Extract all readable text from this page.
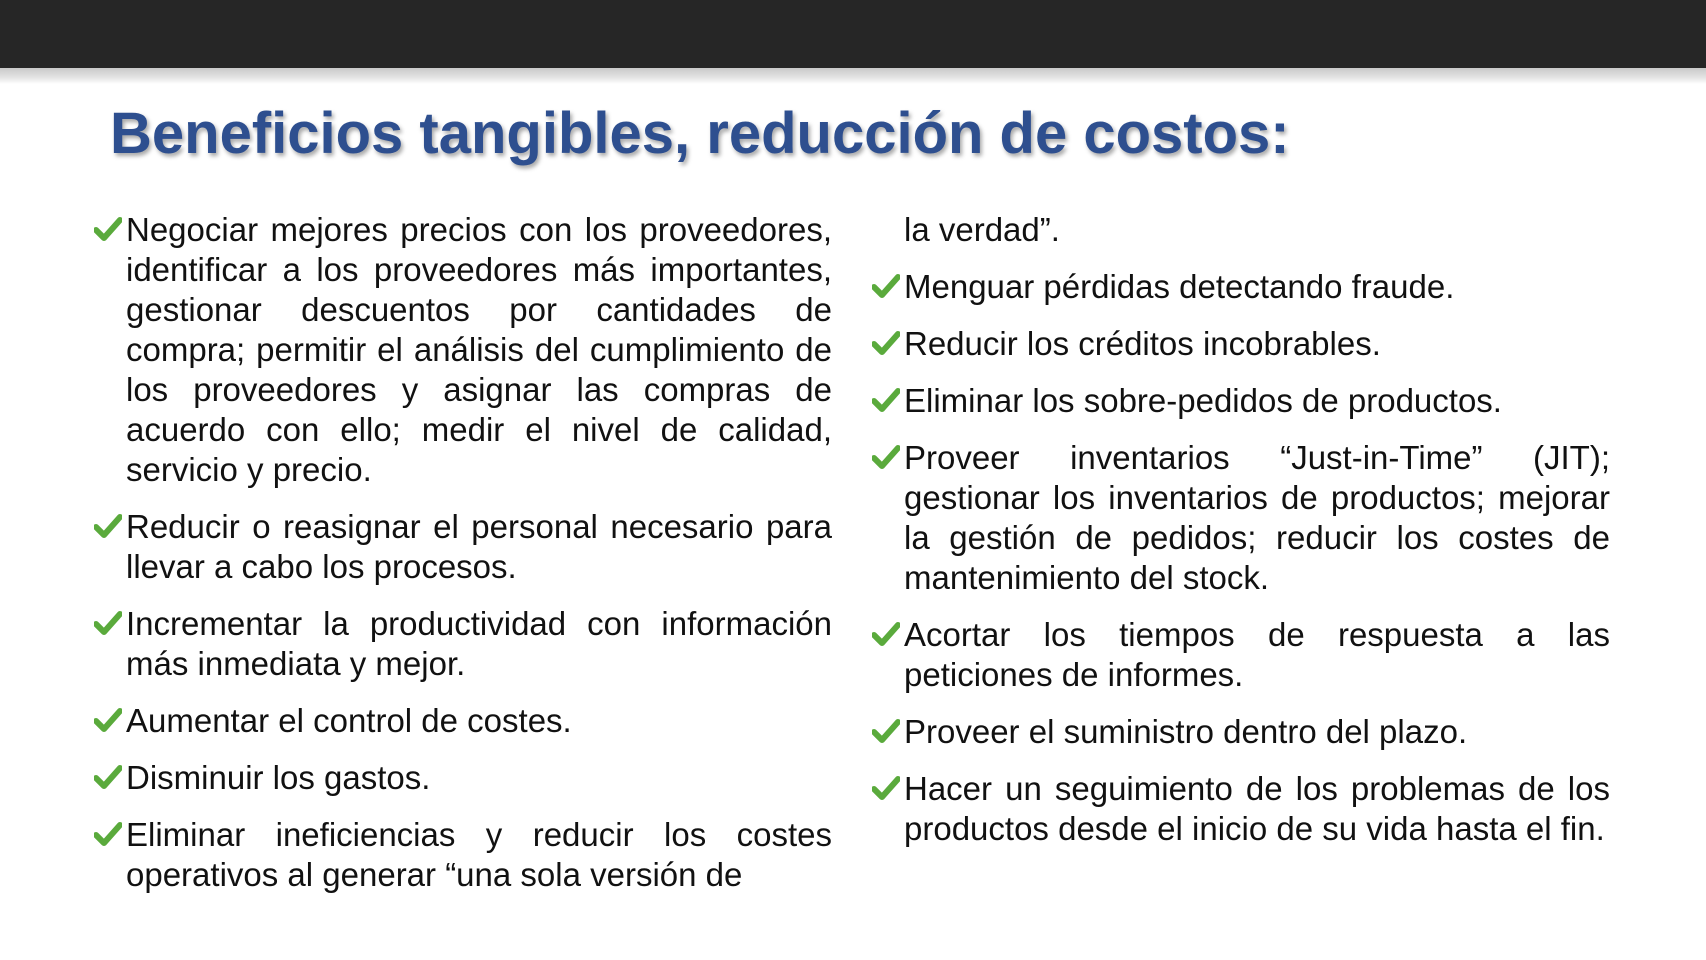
Beneficios tangibles, reducción de costos:
Negociar mejores precios con los proveedores, identificar a los proveedores más importantes, gestionar descuentos por cantidades de compra; permitir el análisis del cumplimiento de los proveedores y asignar las compras de acuerdo con ello; medir el nivel de calidad, servicio y precio.
Reducir o reasignar el personal necesario para llevar a cabo los procesos.
Incrementar la productividad con información más inmediata y mejor.
Aumentar el control de costes.
Disminuir los gastos.
Eliminar ineficiencias y reducir los costes operativos al generar “una sola versión de
la verdad”.
Menguar pérdidas detectando fraude.
Reducir los créditos incobrables.
Eliminar los sobre-pedidos de productos.
Proveer inventarios “Just-in-Time” (JIT); gestionar los inventarios de productos; mejorar la gestión de pedidos; reducir los costes de mantenimiento del stock.
Acortar los tiempos de respuesta a las peticiones de informes.
Proveer el suministro dentro del plazo.
Hacer un seguimiento de los problemas de los productos desde el inicio de su vida hasta el fin.
